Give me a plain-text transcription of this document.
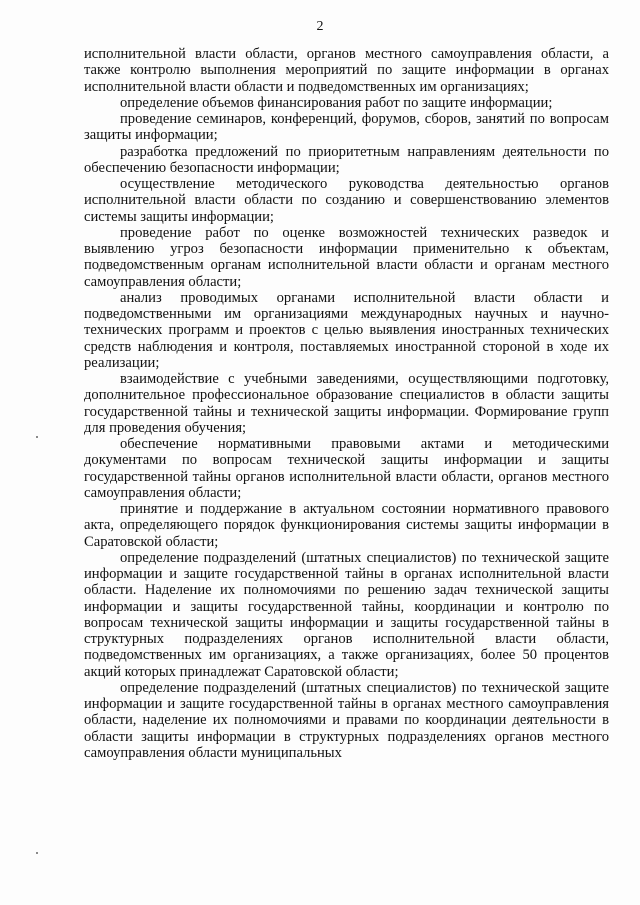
2

исполнительной власти области, органов местного самоуправления области, а также контролю выполнения мероприятий по защите информации в органах исполнительной власти области и подведомственных им организациях;

определение объемов финансирования работ по защите информации;

проведение семинаров, конференций, форумов, сборов, занятий по вопросам защиты информации;

разработка предложений по приоритетным направлениям деятельности по обеспечению безопасности информации;

осуществление методического руководства деятельностью органов исполнительной власти области по созданию и совершенствованию элементов системы защиты информации;

проведение работ по оценке возможностей технических разведок и выявлению угроз безопасности информации применительно к объектам, подведомственным органам исполнительной власти области и органам местного самоуправления области;

анализ проводимых органами исполнительной власти области и подведомственными им организациями международных научных и научно-технических программ и проектов с целью выявления иностранных технических средств наблюдения и контроля, поставляемых иностранной стороной в ходе их реализации;

взаимодействие с учебными заведениями, осуществляющими подготовку, дополнительное профессиональное образование специалистов в области защиты государственной тайны и технической защиты информации. Формирование групп для проведения обучения;

обеспечение нормативными правовыми актами и методическими документами по вопросам технической защиты информации и защиты государственной тайны органов исполнительной власти области, органов местного самоуправления области;

принятие и поддержание в актуальном состоянии нормативного правового акта, определяющего порядок функционирования системы защиты информации в Саратовской области;

определение подразделений (штатных специалистов) по технической защите информации и защите государственной тайны в органах исполнительной власти области. Наделение их полномочиями по решению задач технической защиты информации и защиты государственной тайны, координации и контролю по вопросам технической защиты информации и защиты государственной тайны в структурных подразделениях органов исполнительной власти области, подведомственных им организациях, а также организациях, более 50 процентов акций которых принадлежат Саратовской области;

определение подразделений (штатных специалистов) по технической защите информации и защите государственной тайны в органах местного самоуправления области, наделение их полномочиями и правами по координации деятельности в области защиты информации в структурных подразделениях органов местного самоуправления области муниципальных
